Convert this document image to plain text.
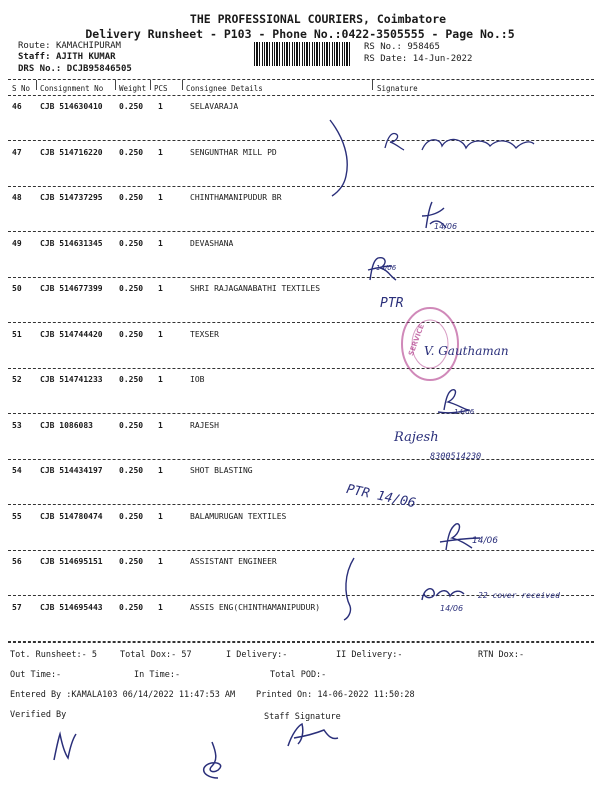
THE PROFESSIONAL COURIERS, Coimbatore
Delivery Runsheet - P103 - Phone No.:0422-3505555 - Page No.:5
Route: KAMACHIPURAM
Staff: AJITH KUMAR
DRS No.: DCJB95846505
RS No.: 958465
RS Date: 14-Jun-2022
S No Consignment No Weight PCS Consignee Details	Signature
46 CJB 514630410 0.250 1	SELAVARAJA
47 CJB 514716220 0.250 1	SENGUNTHAR MILL PD
48 CJB 514737295 0.250 1	CHINTHAMANIPUDUR BR
49 CJB 514631345 0.250 1	DEVASHANA
50 CJB 514677399 0.250 1	SHRI RAJAGANABATHI TEXTILES
51 CJB 514744420 0.250 1	TEXSER
52 CJB 514741233 0.250 1	IOB
53 CJB 1086083	0.250 1	RAJESH
54 CJB 514434197 0.250 1	SHOT BLASTING
55 CJB 514780474 0.250 1	BALAMURUGAN TEXTILES
56 CJB 514695151 0.250 1	ASSISTANT ENGINEER
57 CJB 514695443 0.250 1	ASSIS ENG(CHINTHAMANIPUDUR)
14/06
14/06
PTR
SERVICE
V. Gauthaman
14/06
Rajesh
8300514230
PTR 14/06
14/06
14/06
22 cover received
Tot. Runsheet:- 5	Total Dox:- 57	I Delivery:-	II Delivery:-	RTN Dox:-
Out Time:-	In Time:-	Total POD:-
Entered By :KAMALA103 06/14/2022 11:47:53 AM Printed On: 14-06-2022 11:50:28
Verified By	Staff Signature
